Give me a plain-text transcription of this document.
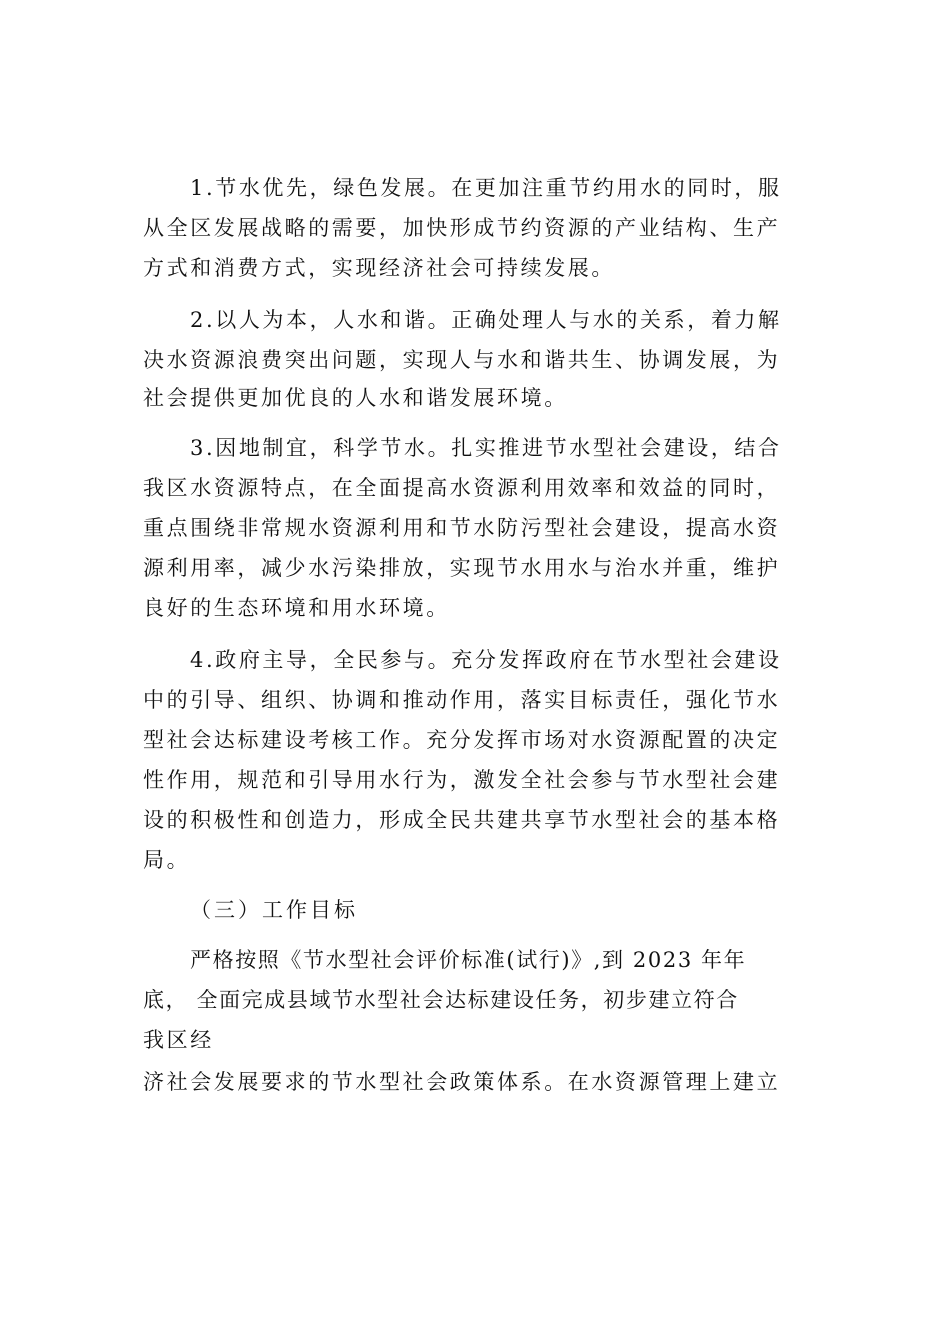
1.节水优先，绿色发展。在更加注重节约用水的同时，服
从全区发展战略的需要，加快形成节约资源的产业结构、生产
方式和消费方式，实现经济社会可持续发展。
2.以人为本，人水和谐。正确处理人与水的关系，着力解
决水资源浪费突出问题，实现人与水和谐共生、协调发展，为
社会提供更加优良的人水和谐发展环境。
3.因地制宜，科学节水。扎实推进节水型社会建设，结合
我区水资源特点，在全面提高水资源利用效率和效益的同时，
重点围绕非常规水资源利用和节水防污型社会建设，提高水资
源利用率，减少水污染排放，实现节水用水与治水并重，维护
良好的生态环境和用水环境。
4.政府主导，全民参与。充分发挥政府在节水型社会建设
中的引导、组织、协调和推动作用，落实目标责任，强化节水
型社会达标建设考核工作。充分发挥市场对水资源配置的决定
性作用，规范和引导用水行为，激发全社会参与节水型社会建
设的积极性和创造力，形成全民共建共享节水型社会的基本格
局。
（三）工作目标
严格按照《节水型社会评价标准(试行)》,到 2023 年年
底， 全面完成县域节水型社会达标建设任务，初步建立符合
我区经
济社会发展要求的节水型社会政策体系。在水资源管理上建立
